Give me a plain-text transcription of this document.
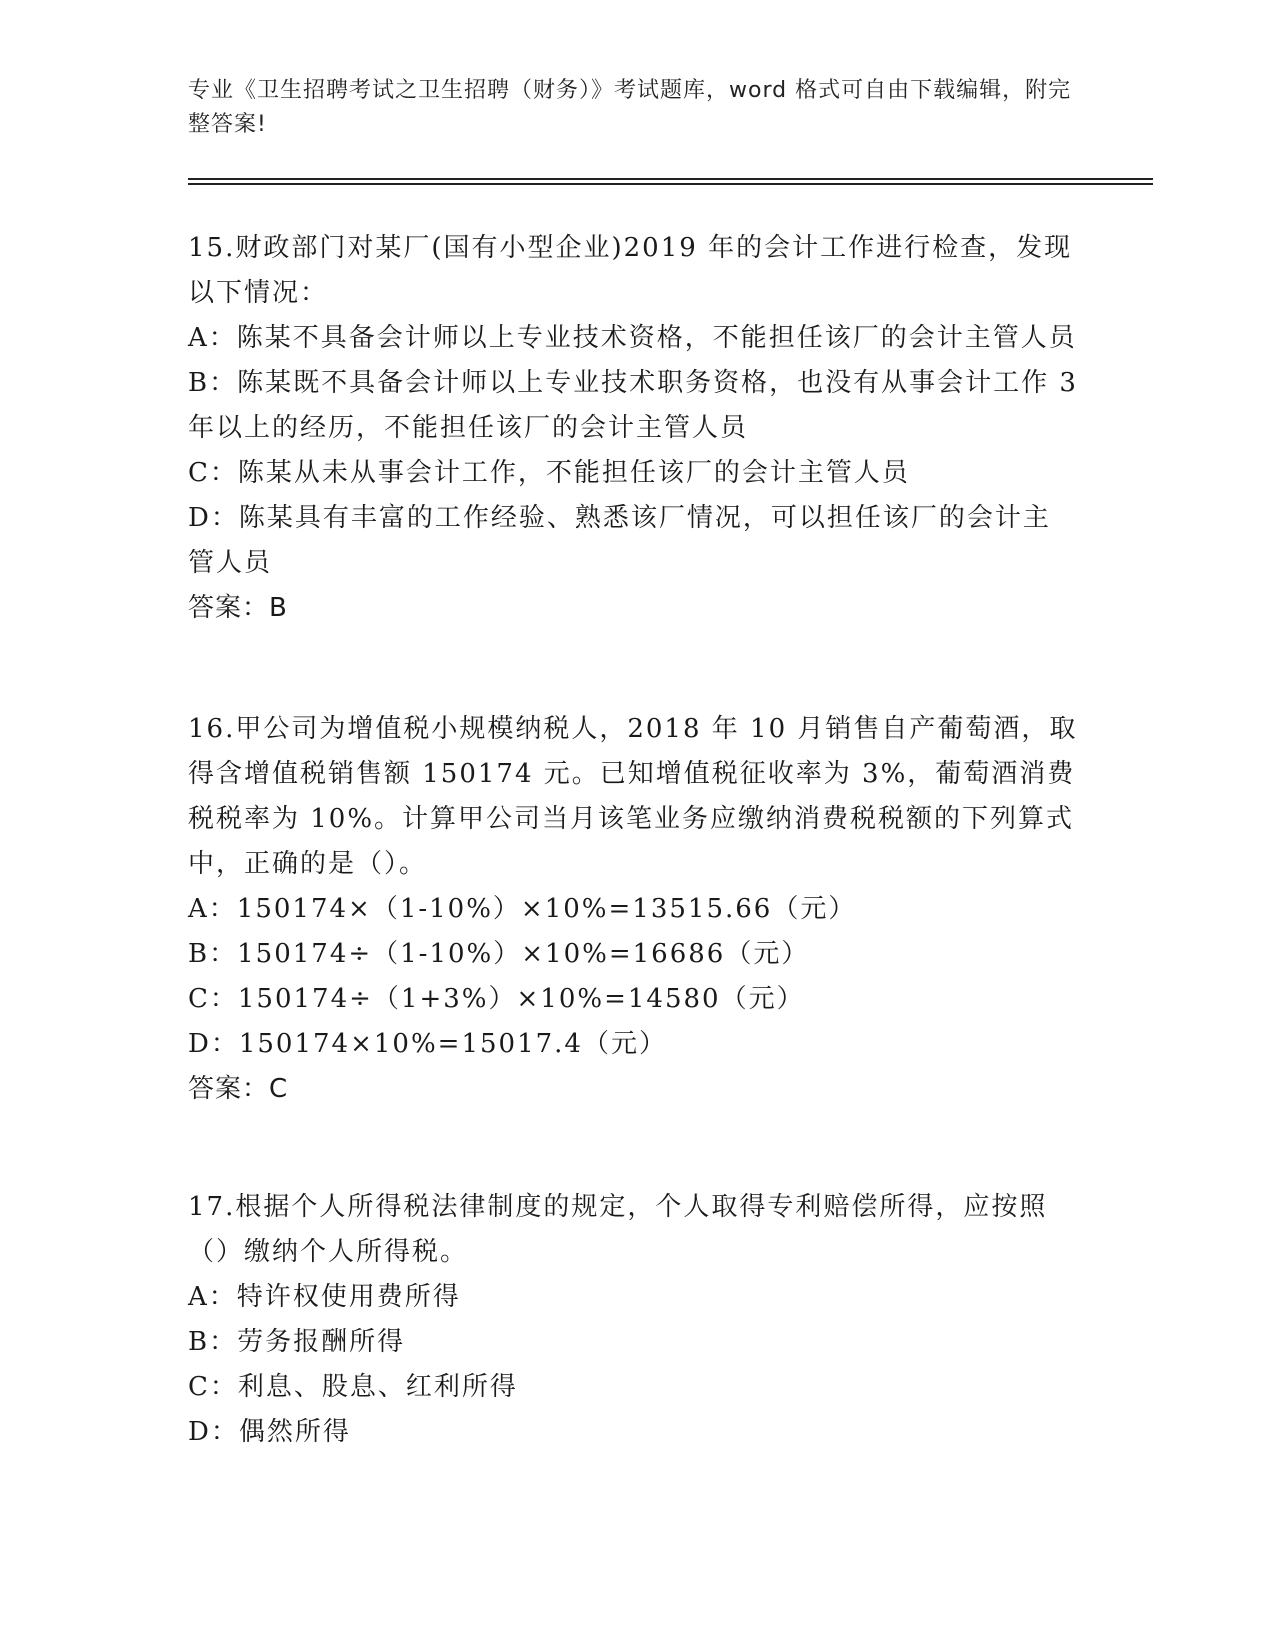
专业《卫生招聘考试之卫生招聘（财务）》考试题库，word 格式可自由下载编辑，附完整答案!

15.财政部门对某厂(国有小型企业)2019 年的会计工作进行检查，发现以下情况：

A：陈某不具备会计师以上专业技术资格，不能担任该厂的会计主管人员

B：陈某既不具备会计师以上专业技术职务资格，也没有从事会计工作 3 年以上的经历，不能担任该厂的会计主管人员

C：陈某从未从事会计工作，不能担任该厂的会计主管人员

D：陈某具有丰富的工作经验、熟悉该厂情况，可以担任该厂的会计主管人员

答案：B

16.甲公司为增值税小规模纳税人，2018 年 10 月销售自产葡萄酒，取得含增值税销售额 150174 元。已知增值税征收率为 3%，葡萄酒消费税税率为 10%。计算甲公司当月该笔业务应缴纳消费税税额的下列算式中，正确的是（）。

A：150174×（1-10%）×10%=13515.66（元）

B：150174÷（1-10%）×10%=16686（元）

C：150174÷（1+3%）×10%=14580（元）

D：150174×10%=15017.4（元）

答案：C

17.根据个人所得税法律制度的规定，个人取得专利赔偿所得，应按照（）缴纳个人所得税。

A：特许权使用费所得

B：劳务报酬所得

C：利息、股息、红利所得

D：偶然所得
